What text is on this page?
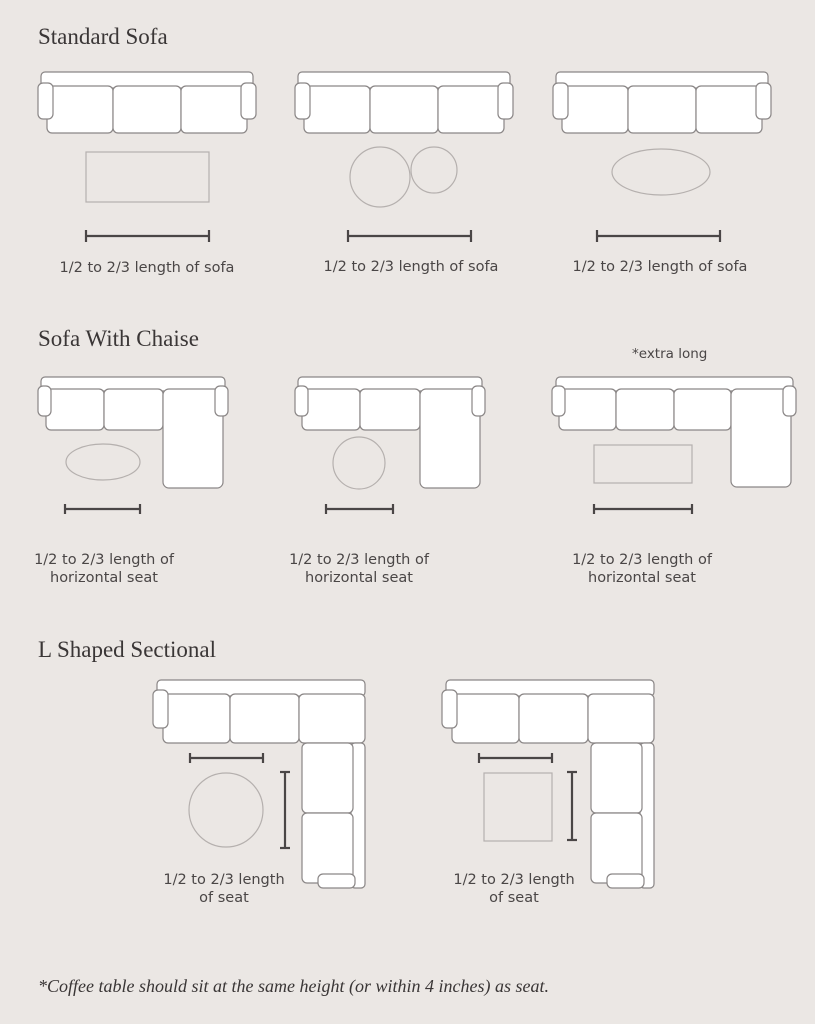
Standard Sofa
Sofa With Chaise
L Shaped Sectional
1/2 to 2/3 length of sofa	1/2 to 2/3 length of sofa	1/2 to 2/3 length of sofa
*extra long
1/2 to 2/3 length of
horizontal seat
1/2 to 2/3 length of
horizontal seat
1/2 to 2/3 length of
horizontal seat
1/2 to 2/3 length
of seat
1/2 to 2/3 length
of seat
*Coffee table should sit at the same height (or within 4 inches) as seat.
